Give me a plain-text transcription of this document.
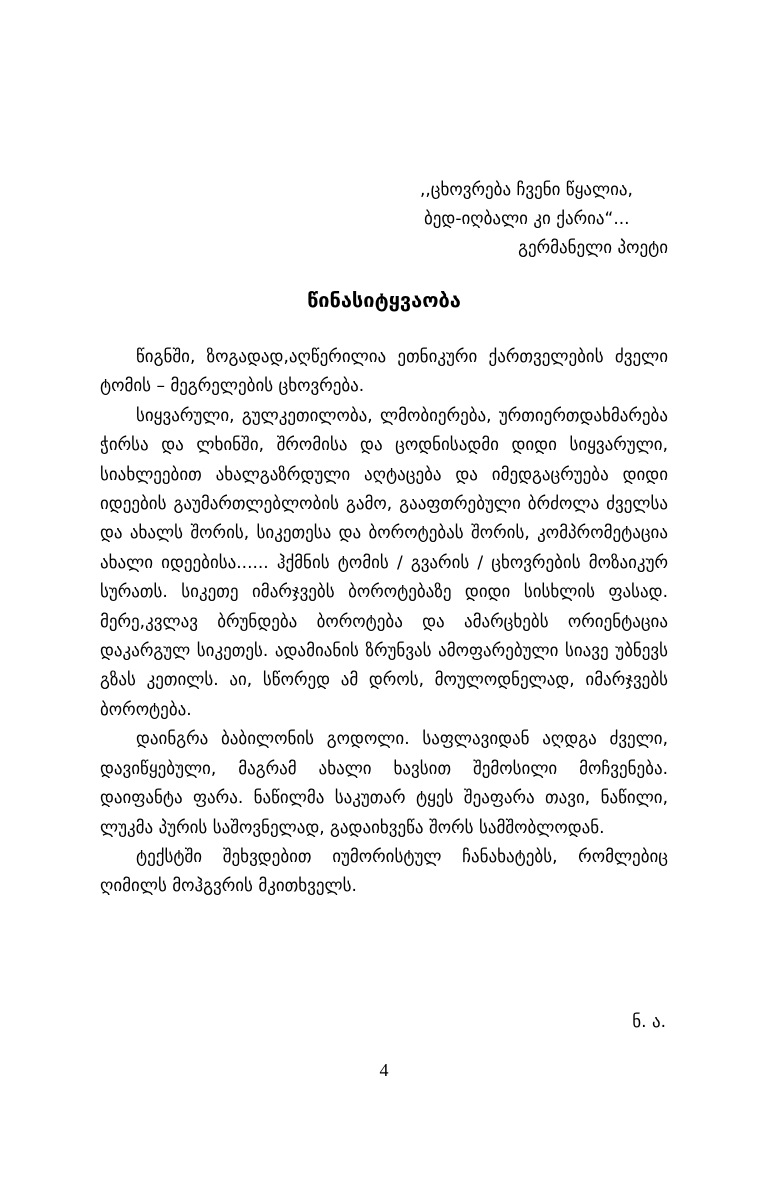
,,ცხოვრება ჩვენი წყალია,
ბედ-იღბალი კი ქარია“...
გერმანელი პოეტი
წინასიტყვაობა

წიგნში, ზოგადად,აღწერილია ეთნიკური ქართველების ძველი ტომის – მეგრელების ცხოვრება.

სიყვარული, გულკეთილობა, ლმობიერება, ურთიერთდახმარება ჭირსა და ლხინში, შრომისა და ცოდნისადმი დიდი სიყვარული, სიახლეებით ახალგაზრდული აღტაცება და იმედგაცრუება დიდი იდეების გაუმართლებლობის გამო, გააფთრებული ბრძოლა ძველსა და ახალს შორის, სიკეთესა და ბოროტებას შორის, კომპრომეტაცია ახალი იდეებისა...... ჰქმნის ტომის / გვარის / ცხოვრების მოზაიკურ სურათს. სიკეთე იმარჯვებს ბოროტებაზე დიდი სისხლის ფასად. მერე,კვლავ ბრუნდება ბოროტება და ამარცხებს ორიენტაცია დაკარგულ სიკეთეს. ადამიანის ზრუნვას ამოფარებული სიავე უბნევს გზას კეთილს. აი, სწორედ ამ დროს, მოულოდნელად, იმარჯვებს ბოროტება.

დაინგრა ბაბილონის გოდოლი. საფლავიდან აღდგა ძველი, დავიწყებული, მაგრამ ახალი ხავსით შემოსილი მოჩვენება. დაიფანტა ფარა. ნაწილმა საკუთარ ტყეს შეაფარა თავი, ნაწილი, ლუკმა პურის საშოვნელად, გადაიხვეწა შორს სამშობლოდან.

ტექსტში შეხვდებით იუმორისტულ ჩანახატებს, რომლებიც ღიმილს მოჰგვრის მკითხველს.

ნ. ა.
4
